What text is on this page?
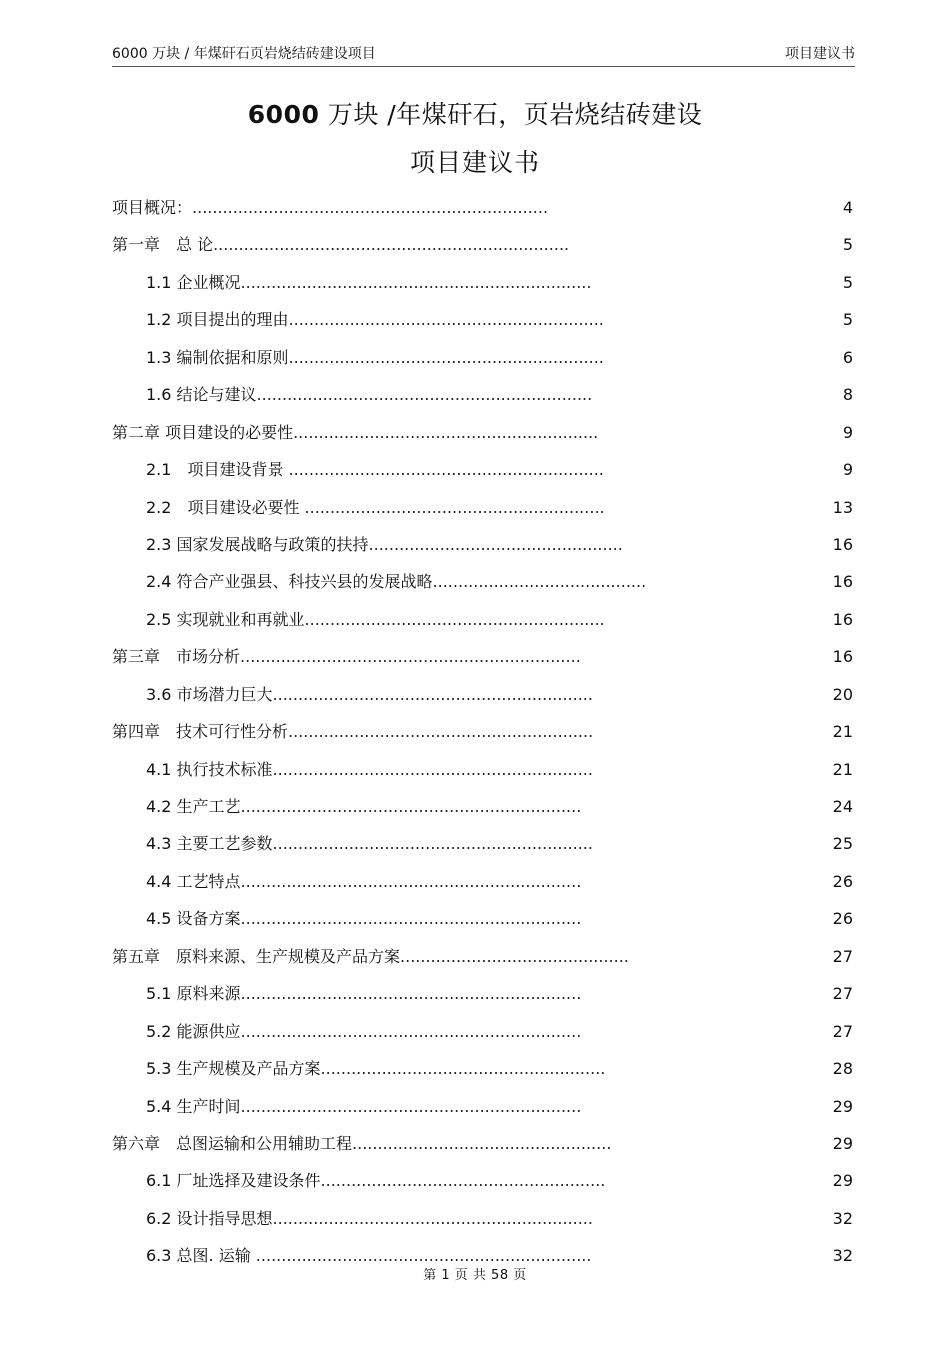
6000 万块 / 年煤矸石页岩烧结砖建设项目	项目建议书
6000 万块 /年煤矸石，页岩烧结砖建设
项目建议书
项目概况：......................................................................	4
第一章　总 论......................................................................	5
1.1 企业概况.....................................................................	5
1.2 项目提出的理由..............................................................	5
1.3 编制依据和原则..............................................................	6
1.6 结论与建议..................................................................	8
第二章 项目建设的必要性............................................................	9
2.1　项目建设背景 ..............................................................	9
2.2　项目建设必要性 ...........................................................	13
2.3 国家发展战略与政策的扶持..................................................	16
2.4 符合产业强县、科技兴县的发展战略..........................................	16
2.5 实现就业和再就业...........................................................	16
第三章　市场分析...................................................................	16
3.6 市场潜力巨大...............................................................	20
第四章　技术可行性分析............................................................	21
4.1 执行技术标准...............................................................	21
4.2 生产工艺...................................................................	24
4.3 主要工艺参数...............................................................	25
4.4 工艺特点...................................................................	26
4.5 设备方案...................................................................	26
第五章　原料来源、生产规模及产品方案.............................................	27
5.1 原料来源...................................................................	27
5.2 能源供应...................................................................	27
5.3 生产规模及产品方案........................................................	28
5.4 生产时间...................................................................	29
第六章　总图运输和公用辅助工程...................................................	29
6.1 厂址选择及建设条件........................................................	29
6.2 设计指导思想...............................................................	32
6.3 总图. 运输 ..................................................................	32
第 1 页 共 58 页
